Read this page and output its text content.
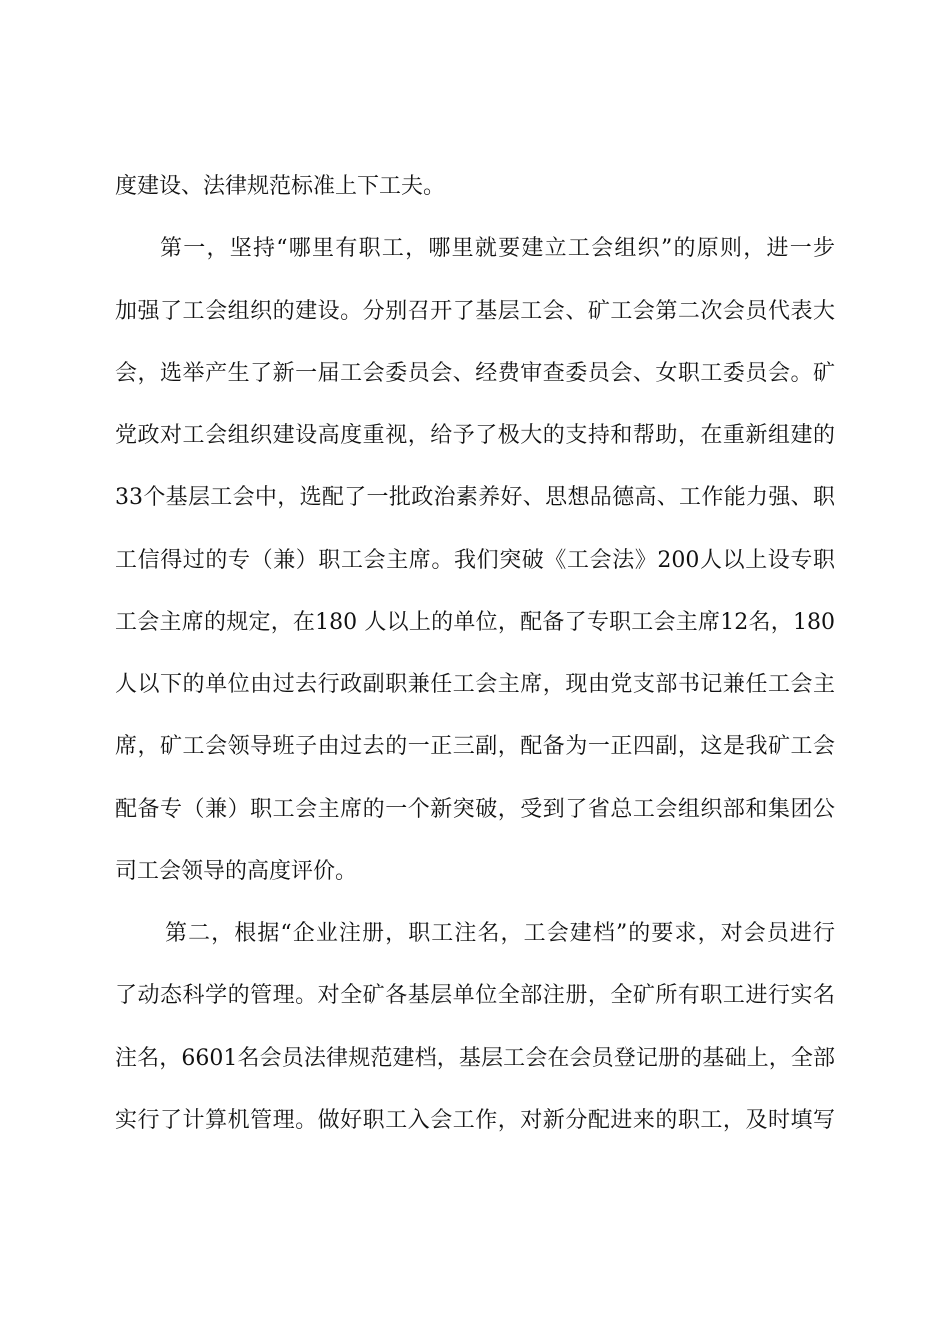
度建设、法律规范标准上下工夫。
第一，坚持“哪里有职工，哪里就要建立工会组织”的原则，进一步
加强了工会组织的建设。分别召开了基层工会、矿工会第二次会员代表大
会，选举产生了新一届工会委员会、经费审查委员会、女职工委员会。矿
党政对工会组织建设高度重视，给予了极大的支持和帮助，在重新组建的
33个基层工会中，选配了一批政治素养好、思想品德高、工作能力强、职
工信得过的专（兼）职工会主席。我们突破《工会法》200人以上设专职
工会主席的规定，在180 人以上的单位，配备了专职工会主席12名，180
人以下的单位由过去行政副职兼任工会主席，现由党支部书记兼任工会主
席，矿工会领导班子由过去的一正三副，配备为一正四副，这是我矿工会
配备专（兼）职工会主席的一个新突破，受到了省总工会组织部和集团公
司工会领导的高度评价。
第二，根据“企业注册，职工注名，工会建档”的要求，对会员进行
了动态科学的管理。对全矿各基层单位全部注册，全矿所有职工进行实名
注名，6601名会员法律规范建档，基层工会在会员登记册的基础上，全部
实行了计算机管理。做好职工入会工作，对新分配进来的职工，及时填写
